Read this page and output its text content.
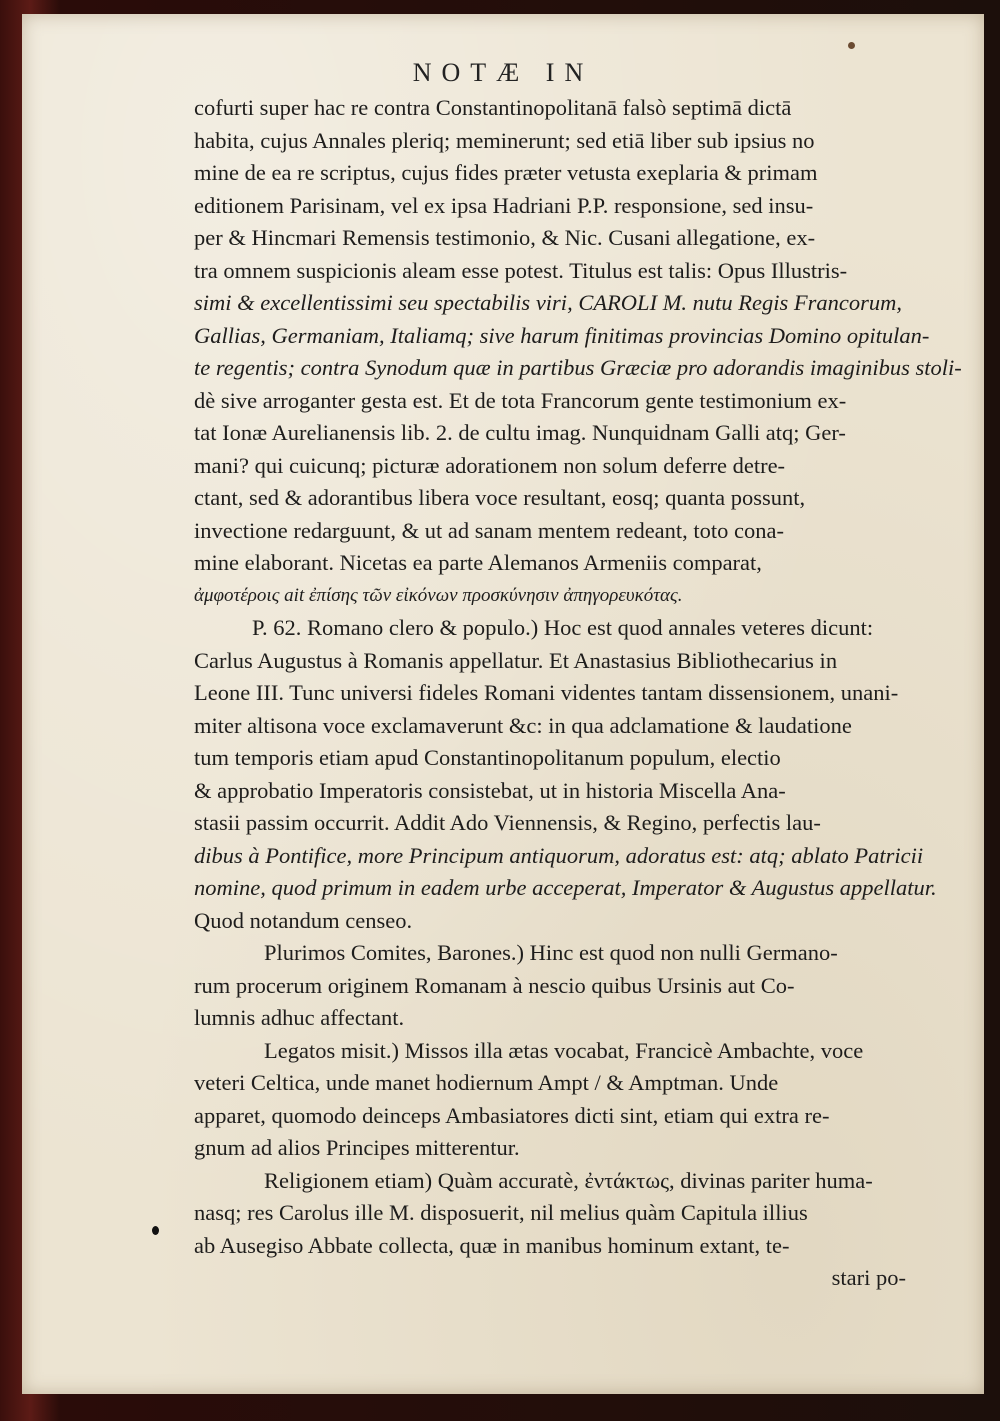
NOTÆ IN
cofurti super hac re contra Constantinopolitanā falsò septimā dictā
habita, cujus Annales pleriq; meminerunt; sed etiā liber sub ipsius no
mine de ea re scriptus, cujus fides præter vetusta exeplaria & primam
editionem Parisinam, vel ex ipsa Hadriani P.P. responsione, sed insu-
per & Hincmari Remensis testimonio, & Nic. Cusani allegatione, ex-
tra omnem suspicionis aleam esse potest. Titulus est talis: Opus Illustris-
simi & excellentissimi seu spectabilis viri, CAROLI M. nutu Regis Francorum,
Gallias, Germaniam, Italiamq; sive harum finitimas provincias Domino opitulan-
te regentis; contra Synodum quæ in partibus Græciæ pro adorandis imaginibus stoli-
dè sive arroganter gesta est. Et de tota Francorum gente testimonium ex-
tat Ionæ Aurelianensis lib. 2. de cultu imag. Nunquidnam Galli atq; Ger-
mani? qui cuicunq; picturæ adorationem non solum deferre detre-
ctant, sed & adorantibus libera voce resultant, eosq; quanta possunt,
invectione redarguunt, & ut ad sanam mentem redeant, toto cona-
mine elaborant. Nicetas ea parte Alemanos Armeniis comparat,
ἀμφοτέροις ait ἐπίσης τῶν εἰκόνων προσκύνησιν ἀπηγορευκότας.
P. 62. Romano clero & populo.) Hoc est quod annales veteres dicunt:
Carlus Augustus à Romanis appellatur. Et Anastasius Bibliothecarius in
Leone III. Tunc universi fideles Romani videntes tantam dissensionem, unani-
miter altisona voce exclamaverunt &c: in qua adclamatione & laudatione
tum temporis etiam apud Constantinopolitanum populum, electio
& approbatio Imperatoris consistebat, ut in historia Miscella Ana-
stasii passim occurrit. Addit Ado Viennensis, & Regino, perfectis lau-
dibus à Pontifice, more Principum antiquorum, adoratus est: atq; ablato Patricii
nomine, quod primum in eadem urbe acceperat, Imperator & Augustus appellatur.
Quod notandum censeo.
Plurimos Comites, Barones.) Hinc est quod non nulli Germano-
rum procerum originem Romanam à nescio quibus Ursinis aut Co-
lumnis adhuc affectant.
Legatos misit.) Missos illa ætas vocabat, Francicè Ambachte, voce
veteri Celtica, unde manet hodiernum Ampt / & Amptman. Unde
apparet, quomodo deinceps Ambasiatores dicti sint, etiam qui extra re-
gnum ad alios Principes mitterentur.
Religionem etiam) Quàm accuratè, ἐντάκτως, divinas pariter huma-
nasq; res Carolus ille M. disposuerit, nil melius quàm Capitula illius
ab Ausegiso Abbate collecta, quæ in manibus hominum extant, te-
stari po-
